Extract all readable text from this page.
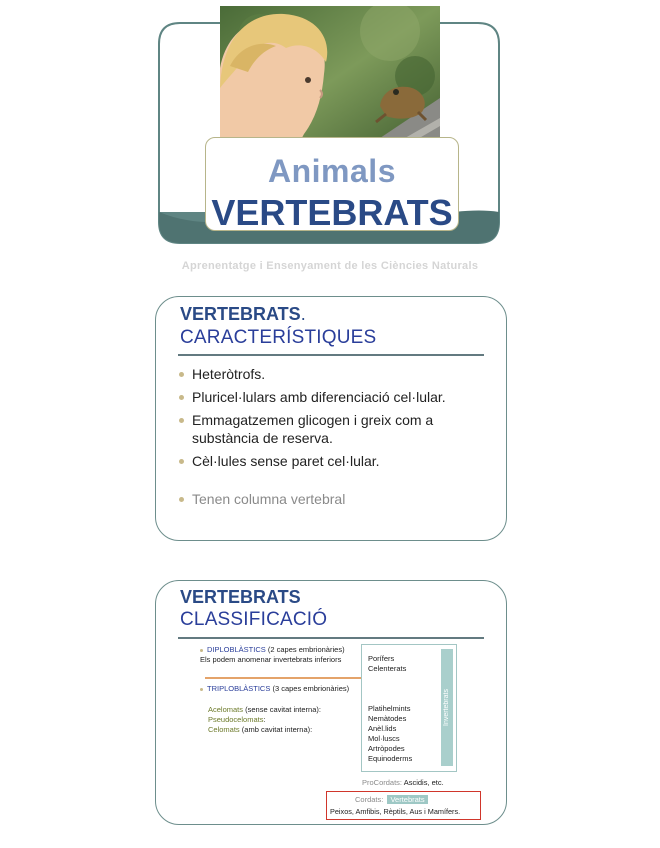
Animals
VERTEBRATS
Aprenentatge i Ensenyament de les Ciències Naturals
VERTEBRATS.
CARACTERÍSTIQUES
Heteròtrofs.
Pluricel·lulars amb diferenciació cel·lular.
Emmagatzemen glicogen i greix com a substància de reserva.
Cèl·lules sense paret cel·lular.
Tenen columna vertebral
VERTEBRATS
CLASSIFICACIÓ
DIPLOBLÀSTICS (2 capes embrionàries)
Els podem anomenar invertebrats inferiors
TRIPLOBLÀSTICS (3 capes embrionàries)
Acelomats (sense cavitat interna):
Pseudocelomats:
Celomats (amb cavitat interna):
Invertebrats
Porífers
Celenterats
Platihelmints
Nemàtodes
Anèl.lids
Mol·luscs
Artròpodes
Equinoderms
ProCordats: Ascidis, etc.
Cordats: Vertebrats
Peixos, Amfibis, Rèptils, Aus i Mamífers.
